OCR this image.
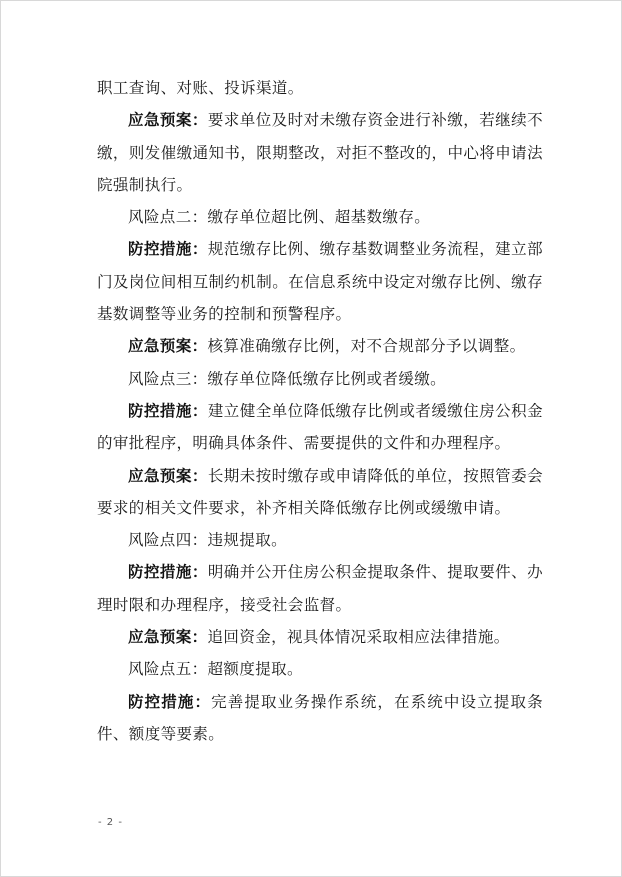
职工查询、对账、投诉渠道。

应急预案：要求单位及时对未缴存资金进行补缴，若继续不缴，则发催缴通知书，限期整改，对拒不整改的，中心将申请法院强制执行。

风险点二：缴存单位超比例、超基数缴存。

防控措施：规范缴存比例、缴存基数调整业务流程，建立部门及岗位间相互制约机制。在信息系统中设定对缴存比例、缴存基数调整等业务的控制和预警程序。

应急预案：核算准确缴存比例，对不合规部分予以调整。

风险点三：缴存单位降低缴存比例或者缓缴。

防控措施：建立健全单位降低缴存比例或者缓缴住房公积金的审批程序，明确具体条件、需要提供的文件和办理程序。

应急预案：长期未按时缴存或申请降低的单位，按照管委会要求的相关文件要求，补齐相关降低缴存比例或缓缴申请。

风险点四：违规提取。

防控措施：明确并公开住房公积金提取条件、提取要件、办理时限和办理程序，接受社会监督。

应急预案：追回资金，视具体情况采取相应法律措施。

风险点五：超额度提取。

防控措施：完善提取业务操作系统，在系统中设立提取条件、额度等要素。

- 2 -
